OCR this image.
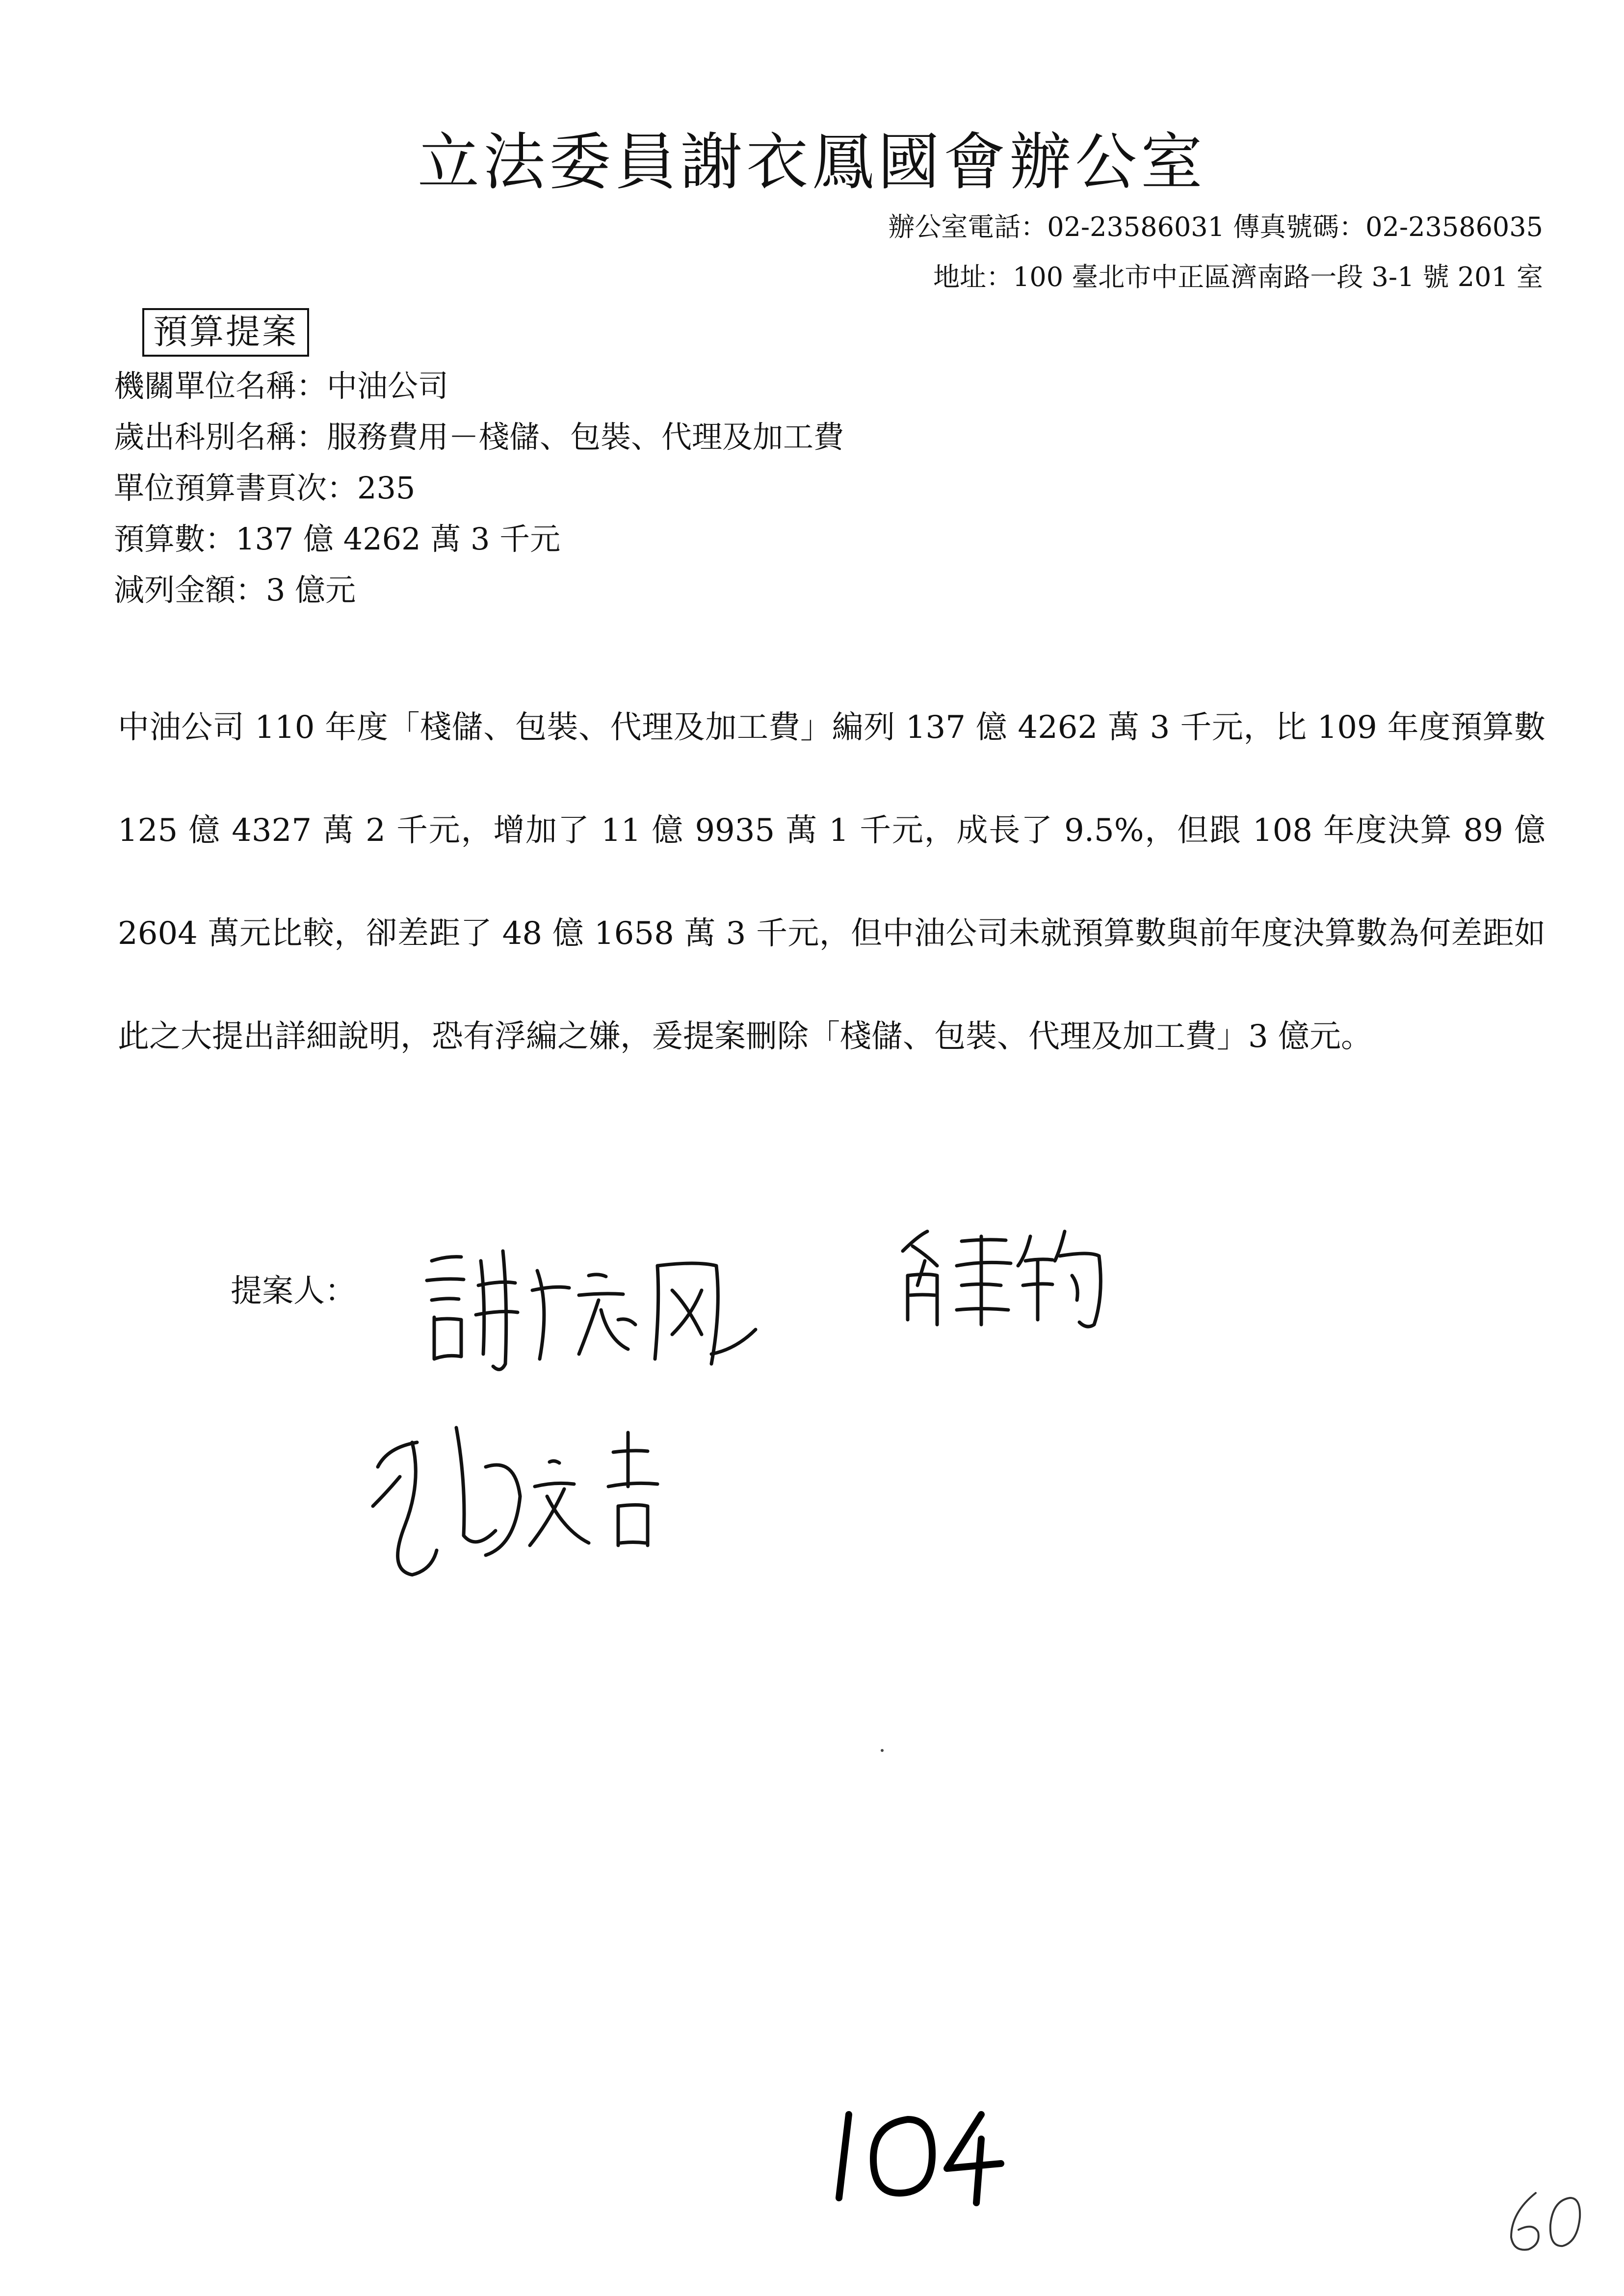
立法委員謝衣鳳國會辦公室
辦公室電話：02-23586031 傳真號碼：02-23586035
地址：100 臺北市中正區濟南路一段 3-1 號 201 室
預算提案
機關單位名稱：中油公司
歲出科別名稱：服務費用－棧儲、包裝、代理及加工費
單位預算書頁次：235
預算數：137 億 4262 萬 3 千元
減列金額：3 億元
中油公司 110 年度「棧儲、包裝、代理及加工費」編列 137 億 4262 萬 3 千元，比 109 年度預算數 125 億 4327 萬 2 千元，增加了 11 億 9935 萬 1 千元，成長了 9.5%，但跟 108 年度決算 89 億 2604 萬元比較，卻差距了 48 億 1658 萬 3 千元，但中油公司未就預算數與前年度決算數為何差距如此之大提出詳細說明，恐有浮編之嫌，爰提案刪除「棧儲、包裝、代理及加工費」3 億元。
提案人：
